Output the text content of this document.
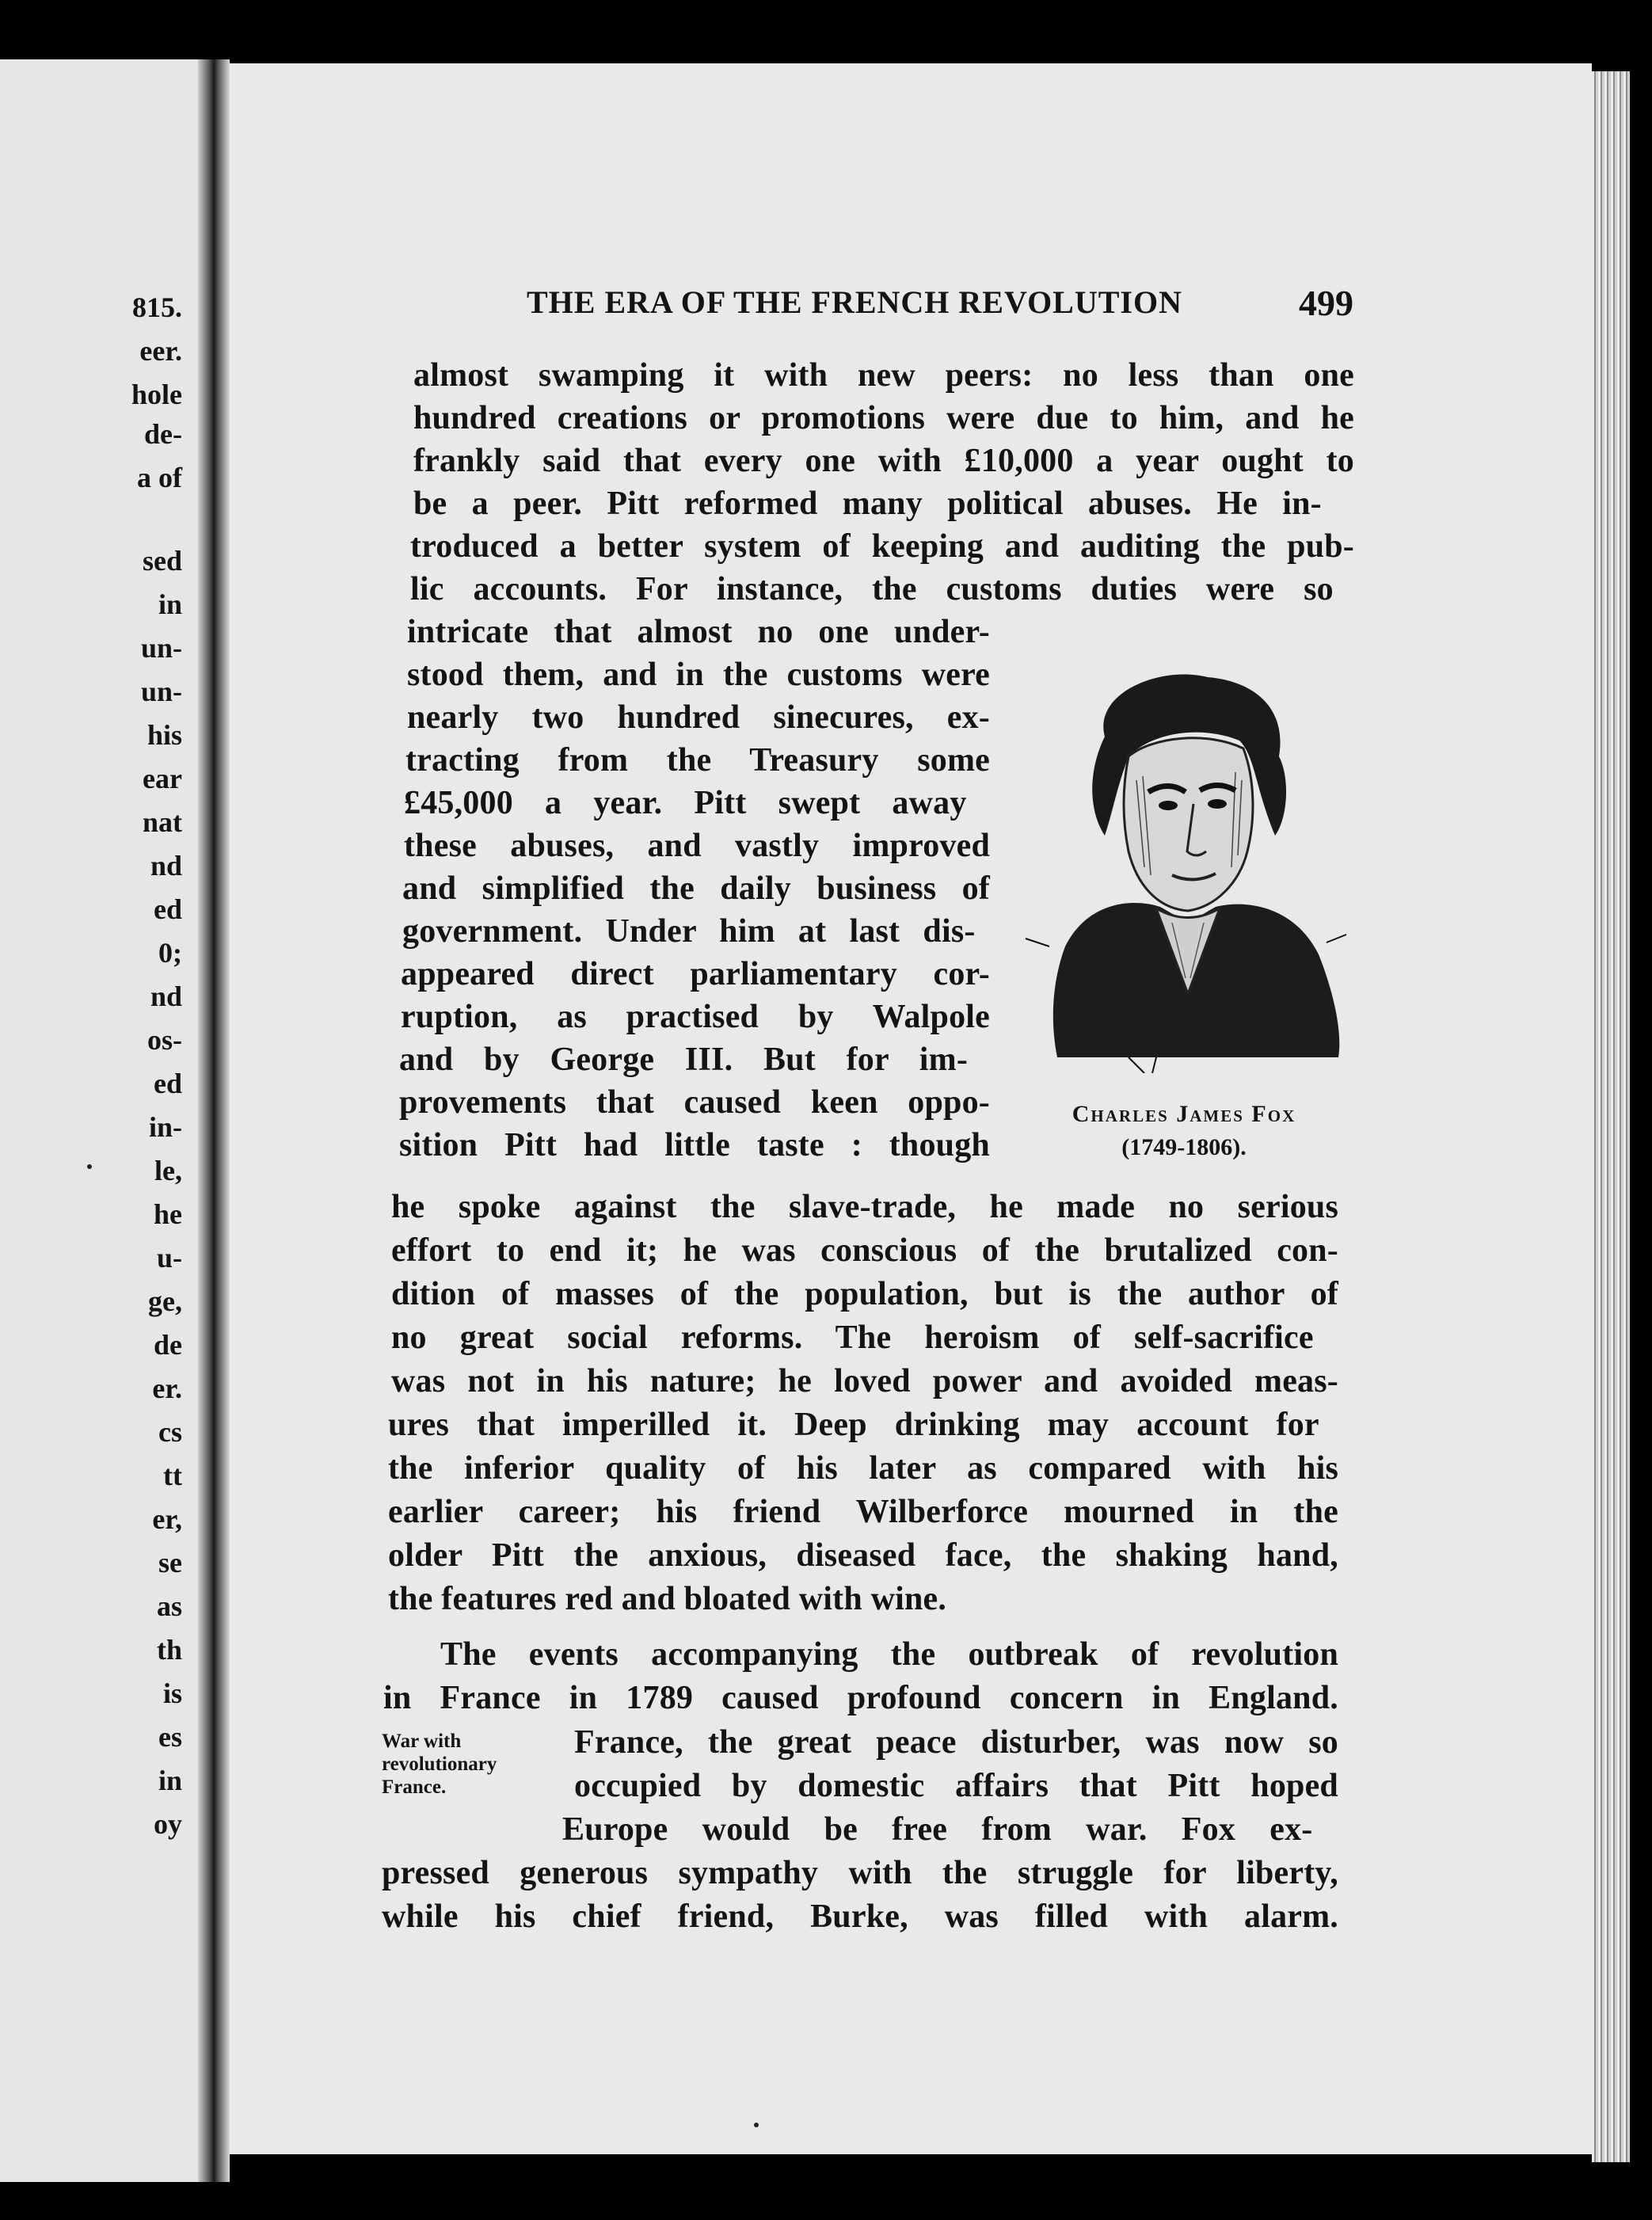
815.
eer.
hole
de-
a of
sed
in
un-
un-
his
ear
nat
nd
ed
0;
nd
os-
ed
in-
le,
he
u-
ge,
de
er.
cs
tt
er,
se
as
th
is
es
in
oy
THE ERA OF THE FRENCH REVOLUTION	499
almost swamping it with new peers: no less than one
hundred creations or promotions were due to him, and he
frankly said that every one with £10,000 a year ought to
be a peer. Pitt reformed many political abuses. He in-
troduced a better system of keeping and auditing the pub-
lic accounts. For instance, the customs duties were so
intricate that almost no one under-
stood them, and in the customs were
nearly two hundred sinecures, ex-
tracting from the Treasury some
£45,000 a year. Pitt swept away
these abuses, and vastly improved
and simplified the daily business of
government. Under him at last dis-
appeared direct parliamentary cor-
ruption, as practised by Walpole
and by George III. But for im-
provements that caused keen oppo-
sition Pitt had little taste : though
he spoke against the slave-trade, he made no serious
effort to end it; he was conscious of the brutalized con-
dition of masses of the population, but is the author of
no great social reforms. The heroism of self-sacrifice
was not in his nature; he loved power and avoided meas-
ures that imperilled it. Deep drinking may account for
the inferior quality of his later as compared with his
earlier career; his friend Wilberforce mourned in the
older Pitt the anxious, diseased face, the shaking hand,
the features red and bloated with wine.
The events accompanying the outbreak of revolution
in France in 1789 caused profound concern in England.
France, the great peace disturber, was now so
occupied by domestic affairs that Pitt hoped
Europe would be free from war. Fox ex-
pressed generous sympathy with the struggle for liberty,
while his chief friend, Burke, was filled with alarm.
Charles James Fox
(1749-1806).
War with
revolutionary
France.
